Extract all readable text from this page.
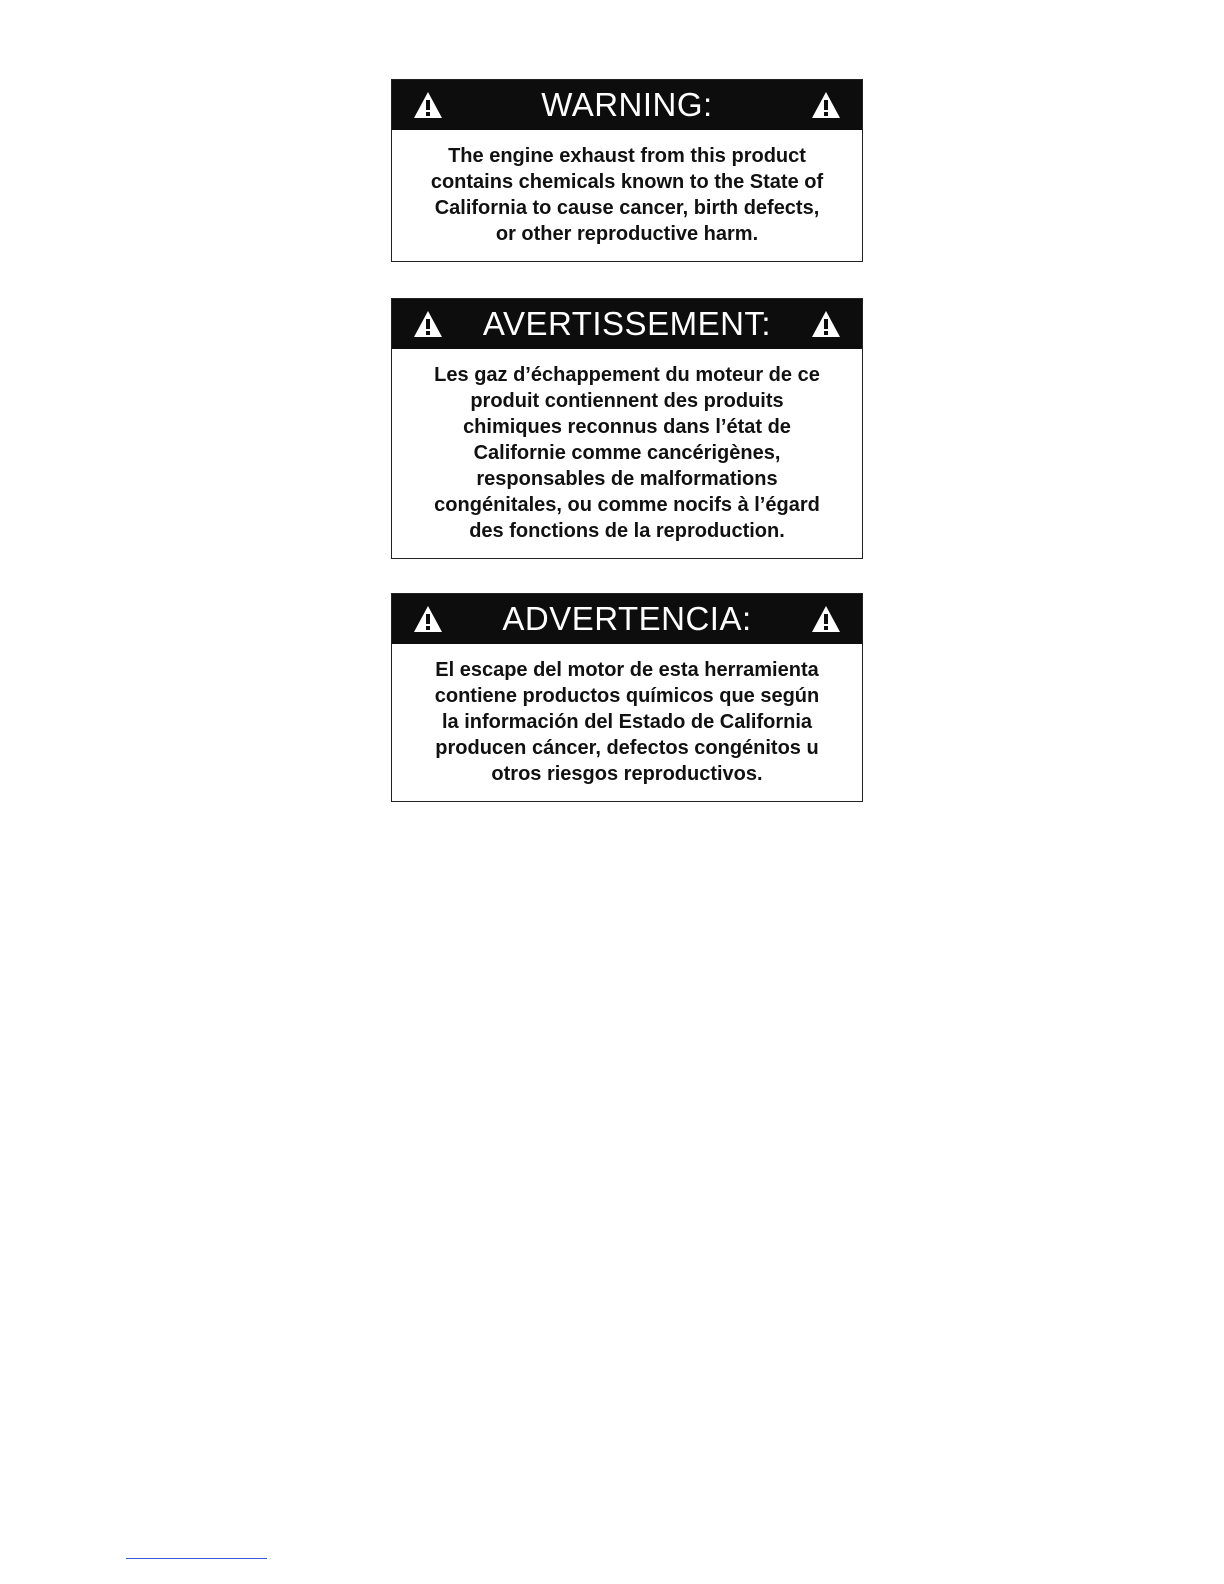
WARNING:
The engine exhaust from this product
contains chemicals known to the State of
California to cause cancer, birth defects,
or other reproductive harm.
AVERTISSEMENT:
Les gaz d’échappement du moteur de ce
produit contiennent des produits
chimiques reconnus dans l’état de
Californie comme cancérigènes,
responsables de malformations
congénitales, ou comme nocifs à l’égard
des fonctions de la reproduction.
ADVERTENCIA:
El escape del motor de esta herramienta
contiene productos químicos que según
la información del Estado de California
producen cáncer, defectos congénitos u
otros riesgos reproductivos.
